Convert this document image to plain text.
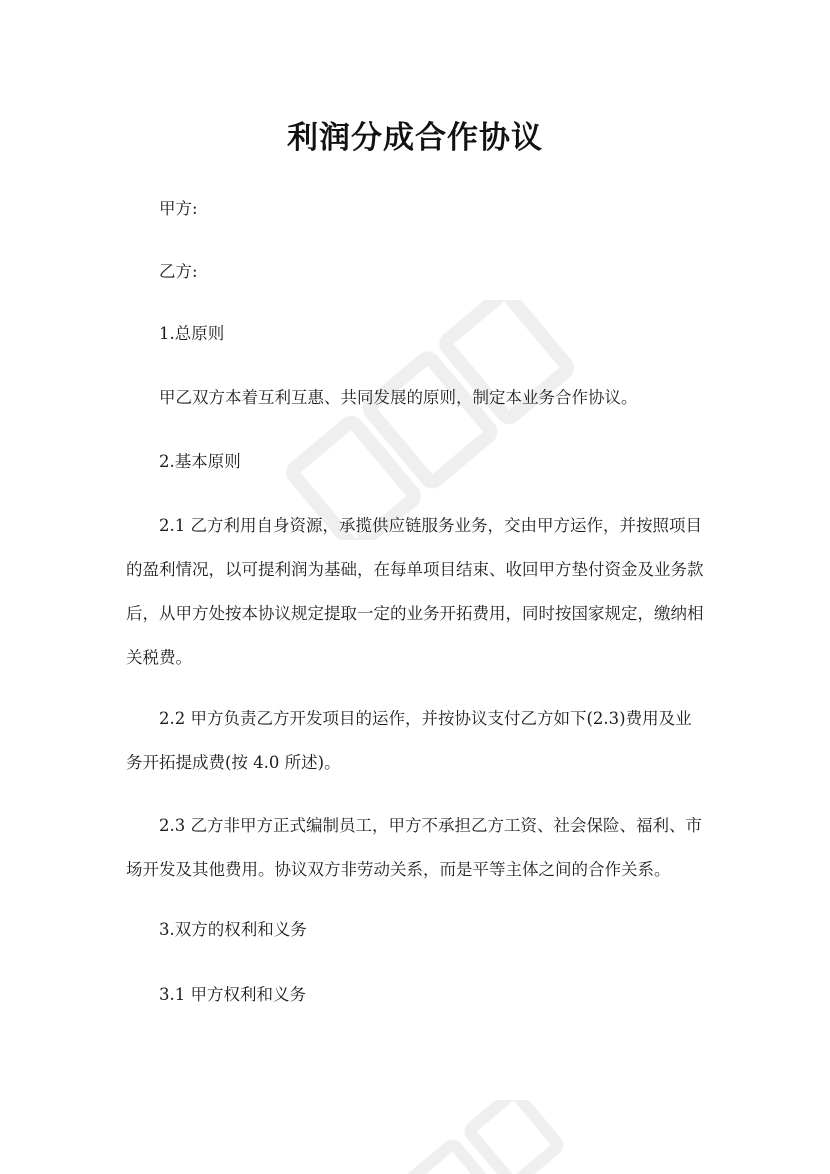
利润分成合作协议

甲方:

乙方:

1.总原则

甲乙双方本着互利互惠、共同发展的原则，制定本业务合作协议。

2.基本原则

2.1 乙方利用自身资源，承揽供应链服务业务，交由甲方运作，并按照项目的盈利情况，以可提利润为基础，在每单项目结束、收回甲方垫付资金及业务款后，从甲方处按本协议规定提取一定的业务开拓费用，同时按国家规定，缴纳相关税费。

2.2 甲方负责乙方开发项目的运作，并按协议支付乙方如下(2.3)费用及业务开拓提成费(按 4.0 所述)。

2.3 乙方非甲方正式编制员工，甲方不承担乙方工资、社会保险、福利、市场开发及其他费用。协议双方非劳动关系，而是平等主体之间的合作关系。

3.双方的权利和义务

3.1 甲方权利和义务
